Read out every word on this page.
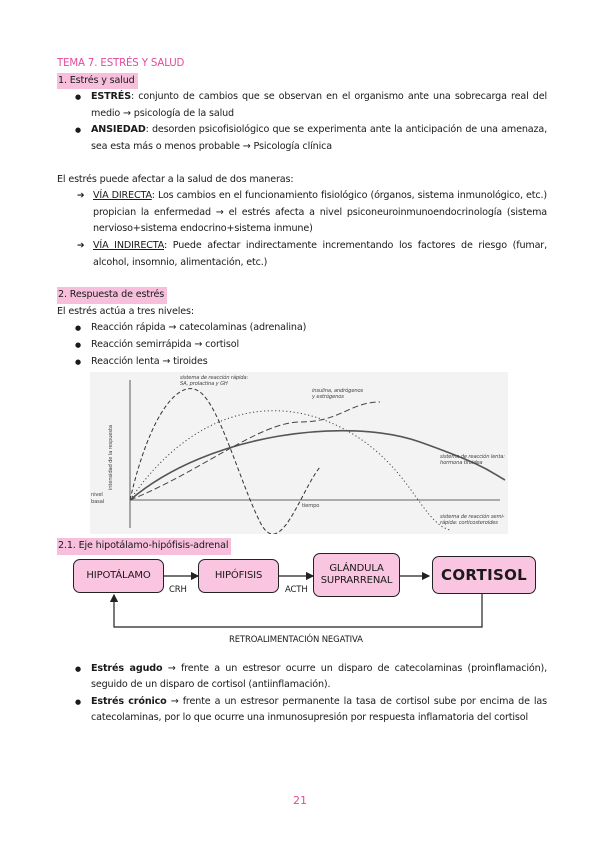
TEMA 7. ESTRÉS Y SALUD

1. Estrés y salud

● ESTRÉS: conjunto de cambios que se observan en el organismo ante una sobrecarga real del medio → psicología de la salud
● ANSIEDAD: desorden psicofisiológico que se experimenta ante la anticipación de una amenaza, sea esta más o menos probable → Psicología clínica

El estrés puede afectar a la salud de dos maneras:

➔ VÍA DIRECTA: Los cambios en el funcionamiento fisiológico (órganos, sistema inmunológico, etc.) propician la enfermedad → el estrés afecta a nivel psiconeuroinmunoendocrinología (sistema nervioso+sistema endocrino+sistema inmune)
➔ VÍA INDIRECTA: Puede afectar indirectamente incrementando los factores de riesgo (fumar, alcohol, insomnio, alimentación, etc.)

2. Respuesta de estrés

El estrés actúa a tres niveles:

● Reacción rápida → catecolaminas (adrenalina)
● Reacción semirrápida → cortisol
● Reacción lenta → tiroides
intensidad de la respuesta
nivel
basal
tiempo
sistema de reacción rápida:
SA, prolactina y GH
insulina, andrógenos
y estrógenos
sistema de reacción lenta:
hormona tiroidea
sistema de reacción semi-
rápida: corticosteroides

2.1. Eje hipotálamo-hipófisis-adrenal

HIPOTÁLAMO	HIPÓFISIS
GLÁNDULA
SUPRARRENAL	CORTISOL
CRH	ACTH
RETROALIMENTACIÓN NEGATIVA
● Estrés agudo → frente a un estresor ocurre un disparo de catecolaminas (proinflamación), seguido de un disparo de cortisol (antiinflamación).
● Estrés crónico → frente a un estresor permanente la tasa de cortisol sube por encima de las catecolaminas, por lo que ocurre una inmunosupresión por respuesta inflamatoria del cortisol
21
